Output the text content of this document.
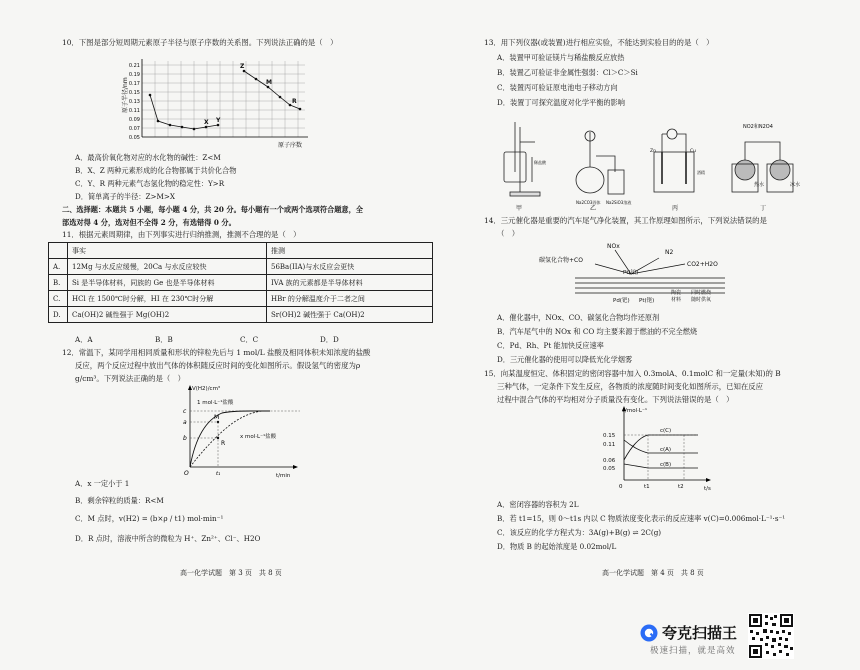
10．下图是部分短周期元素原子半径与原子序数的关系图。下列说法正确的是（　）
0.21
0.19
0.17
0.15
0.13
0.11
0.09
0.07
0.05
原子半径/nm
原子序数
X Y
Z
M
R
A．最高价氧化物对应的水化物的碱性：Z<M
B．X、Z 两种元素形成的化合物都属于共价化合物
C．Y、R 两种元素气态氢化物的稳定性：Y>R
D．简单离子的半径：Z>M>X
二、选择题：本题共 5 小题，每小题 4 分，共 20 分。每小题有一个或两个选项符合题意，全
部选对得 4 分，选对但不全得 2 分，有选错得 0 分。
11．根据元素周期律，由下列事实进行归纳推测，推测不合理的是（　）
	事实	推测
A.	12Mg 与水反应缓慢，20Ca 与水反应较快	56Ba(IIA)与水反应会更快
B.	Si 是半导体材料，同族的 Ge 也是半导体材料	IVA 族的元素都是半导体材料
C.	HCl 在 1500℃时分解，HI 在 230℃时分解	HBr 的分解温度介于二者之间
D.	Ca(OH)2 碱性强于 Mg(OH)2	Sr(OH)2 碱性强于 Ca(OH)2
A．A	B．B	C．C	D．D
12．常温下，某同学用相同质量和形状的锌粒先后与 1 mol/L 盐酸及相同体积未知浓度的盐酸
反应，两个反应过程中放出气体的体积随反应时间的变化如图所示。假设氢气的密度为ρ
g/cm³。下列说法正确的是（　）
V(H2)/cm³
t/min
c
a
b
O	t₁
M
R
1 mol·L⁻¹盐酸
x mol·L⁻¹盐酸
A．x 一定小于 1
B．剩余锌粒的质量：R<M
C．M 点时，v(H2) = (b×ρ / t1) mol·min⁻¹
D．R 点时，溶液中所含的微粒为 H⁺、Zn²⁺、Cl⁻、H2O
高一化学试题　第 3 页　共 8 页
13．用下列仪器(或装置)进行相应实验，不能达到实验目的的是（　）
A．装置甲可验证镁片与稀盐酸反应放热
B．装置乙可验证非金属性强弱：Cl＞C＞Si
C．装置丙可验证原电池电子移动方向
D．装置丁可探究温度对化学平衡的影响
稀盐酸
Na2CO3固体 Na2SiO3溶液
Zn	Cu
酒精
NO2和N2O4
热水	冰水
甲	乙	丙	丁
14．三元催化器是重要的汽车尾气净化装置，其工作原理如图所示，下列说法错误的是
（　）
NOx
N2
碳氢化合物+CO
CO2+H2O
Pt(铂)
Pd(钯) Pt(铑)
陶瓷
材料
同时燃烧
随时供氧
A．催化器中，NOx、CO、碳氢化合物均作还原剂
B．汽车尾气中的 NOx 和 CO 均主要来源于燃油的不完全燃烧
C．Pd、Rh、Pt 能加快反应速率
D．三元催化器的使用可以降低光化学烟雾
15．向某温度恒定、体积固定的密闭容器中加入 0.3molA、0.1molC 和一定量(未知)的 B
三种气体，一定条件下发生反应，各物质的浓度随时间变化如图所示，已知在反应
过程中混合气体的平均相对分子质量没有变化。下列说法错误的是（　）
c/mol·L⁻¹
t/s
0.15
0.11
0.06
0.05
0	t1	t2
c(C)
c(A)
c(B)
A．密闭容器的容积为 2L
B．若 t1=15，则 0～t1s 内以 C 物质浓度变化表示的反应速率 v(C)=0.006mol·L⁻¹·s⁻¹
C．该反应的化学方程式为：3A(g)+B(g) ⇌ 2C(g)
D．物质 B 的起始浓度是 0.02mol/L
高一化学试题　第 4 页　共 8 页
夸克扫描王
极速扫描，就是高效
